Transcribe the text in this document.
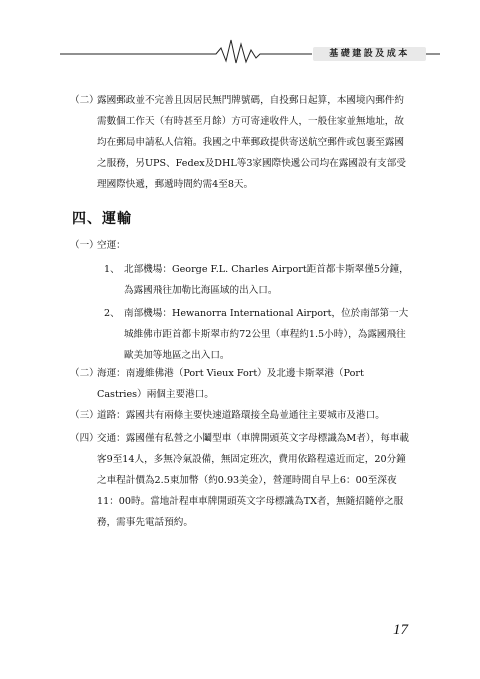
基礎建設及成本
（二）
露國郵政並不完善且因居民無門牌號碼，自投郵日起算，本國境內郵件約需數個工作天（有時甚至月餘）方可寄達收件人，一般住家並無地址，故均在郵局申請私人信箱。我國之中華郵政提供寄送航空郵件或包裹至露國之服務，另UPS、Fedex及DHL等3家國際快遞公司均在露國設有支部受理國際快遞，郵遞時間約需4至8天。
四、運輸
（一）
空運：
1、 北部機場：George F.L. Charles Airport距首都卡斯翠僅5分鐘，為露國飛往加勒比海區域的出入口。
2、 南部機場：Hewanorra International Airport，位於南部第一大城維佛市距首都卡斯翠市約72公里（車程約1.5小時），為露國飛往歐美加等地區之出入口。
（二）
海運：南邊維佛港（Port Vieux Fort）及北邊卡斯翠港（Port Castries）兩個主要港口。
（三）
道路：露國共有兩條主要快速道路環接全島並通往主要城市及港口。
（四）
交通：露國僅有私營之小鬮型車（車牌開頭英文字母標識為M者），每車載客9至14人，多無冷氣設備，無固定班次，費用依路程遠近而定，20分鐘之車程計價為2.5東加幣（約0.93美金），營運時間自早上6：00至深夜11：00時。當地計程車車牌開頭英文字母標識為TX者，無隨招隨停之服務，需事先電話預約。
17
